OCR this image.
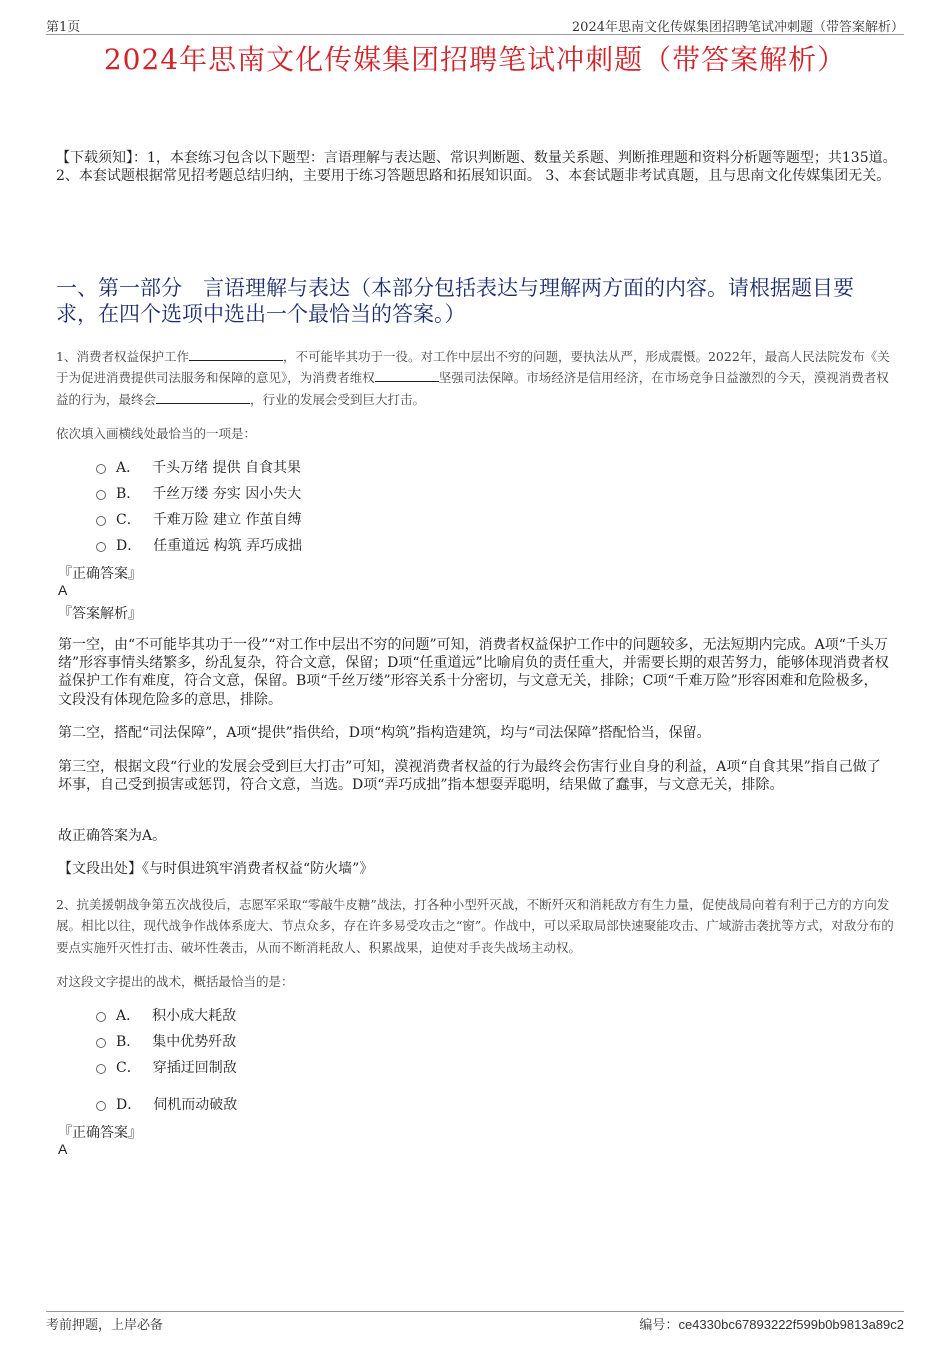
第1页	2024年思南文化传媒集团招聘笔试冲刺题（带答案解析）
2024年思南文化传媒集团招聘笔试冲刺题（带答案解析）
【下载须知】：1，本套练习包含以下题型：言语理解与表达题、常识判断题、数量关系题、判断推理题和资料分析题等题型；共135道。 2、本套试题根据常见招考题总结归纳，主要用于练习答题思路和拓展知识面。 3、本套试题非考试真题，且与思南文化传媒集团无关。
一、第一部分　言语理解与表达（本部分包括表达与理解两方面的内容。请根据题目要求，在四个选项中选出一个最恰当的答案。）
1、消费者权益保护工作	，不可能毕其功于一役。对工作中层出不穷的问题，要执法从严，形成震慑。2022年，最高人民法院发布《关于为促进消费提供司法服务和保障的意见》，为消费者维权	坚强司法保障。市场经济是信用经济，在市场竞争日益激烈的今天，漠视消费者权益的行为，最终会	，行业的发展会受到巨大打击。
依次填入画横线处最恰当的一项是：
A． 千头万绪 提供 自食其果
B． 千丝万缕 夯实 因小失大
C． 千难万险 建立 作茧自缚
D． 任重道远 构筑 弄巧成拙
『正确答案』
A
『答案解析』
第一空，由“不可能毕其功于一役”“对工作中层出不穷的问题”可知，消费者权益保护工作中的问题较多，无法短期内完成。A项“千头万绪”形容事情头绪繁多，纷乱复杂，符合文意，保留；D项“任重道远”比喻肩负的责任重大，并需要长期的艰苦努力，能够体现消费者权益保护工作有难度，符合文意，保留。B项“千丝万缕”形容关系十分密切，与文意无关，排除；C项“千难万险”形容困难和危险极多，文段没有体现危险多的意思，排除。
第二空，搭配“司法保障”，A项“提供”指供给，D项“构筑”指构造建筑，均与“司法保障”搭配恰当，保留。
第三空，根据文段“行业的发展会受到巨大打击”可知，漠视消费者权益的行为最终会伤害行业自身的利益，A项“自食其果”指自己做了坏事，自己受到损害或惩罚，符合文意，当选。D项“弄巧成拙”指本想耍弄聪明，结果做了蠢事，与文意无关，排除。
故正确答案为A。
【文段出处】《与时俱进筑牢消费者权益“防火墙”》
2、抗美援朝战争第五次战役后，志愿军采取“零敲牛皮糖”战法，打各种小型歼灭战，不断歼灭和消耗敌方有生力量，促使战局向着有利于己方的方向发展。相比以往，现代战争作战体系庞大、节点众多，存在许多易受攻击之“窗”。作战中，可以采取局部快速聚能攻击、广域游击袭扰等方式，对敌分布的要点实施歼灭性打击、破坏性袭击，从而不断消耗敌人、积累战果，迫使对手丧失战场主动权。
对这段文字提出的战术，概括最恰当的是：
A． 积小成大耗敌
B． 集中优势歼敌
C． 穿插迂回制敌
D． 伺机而动破敌
『正确答案』
A
考前押题，上岸必备	编号：ce4330bc67893222f599b0b9813a89c2
